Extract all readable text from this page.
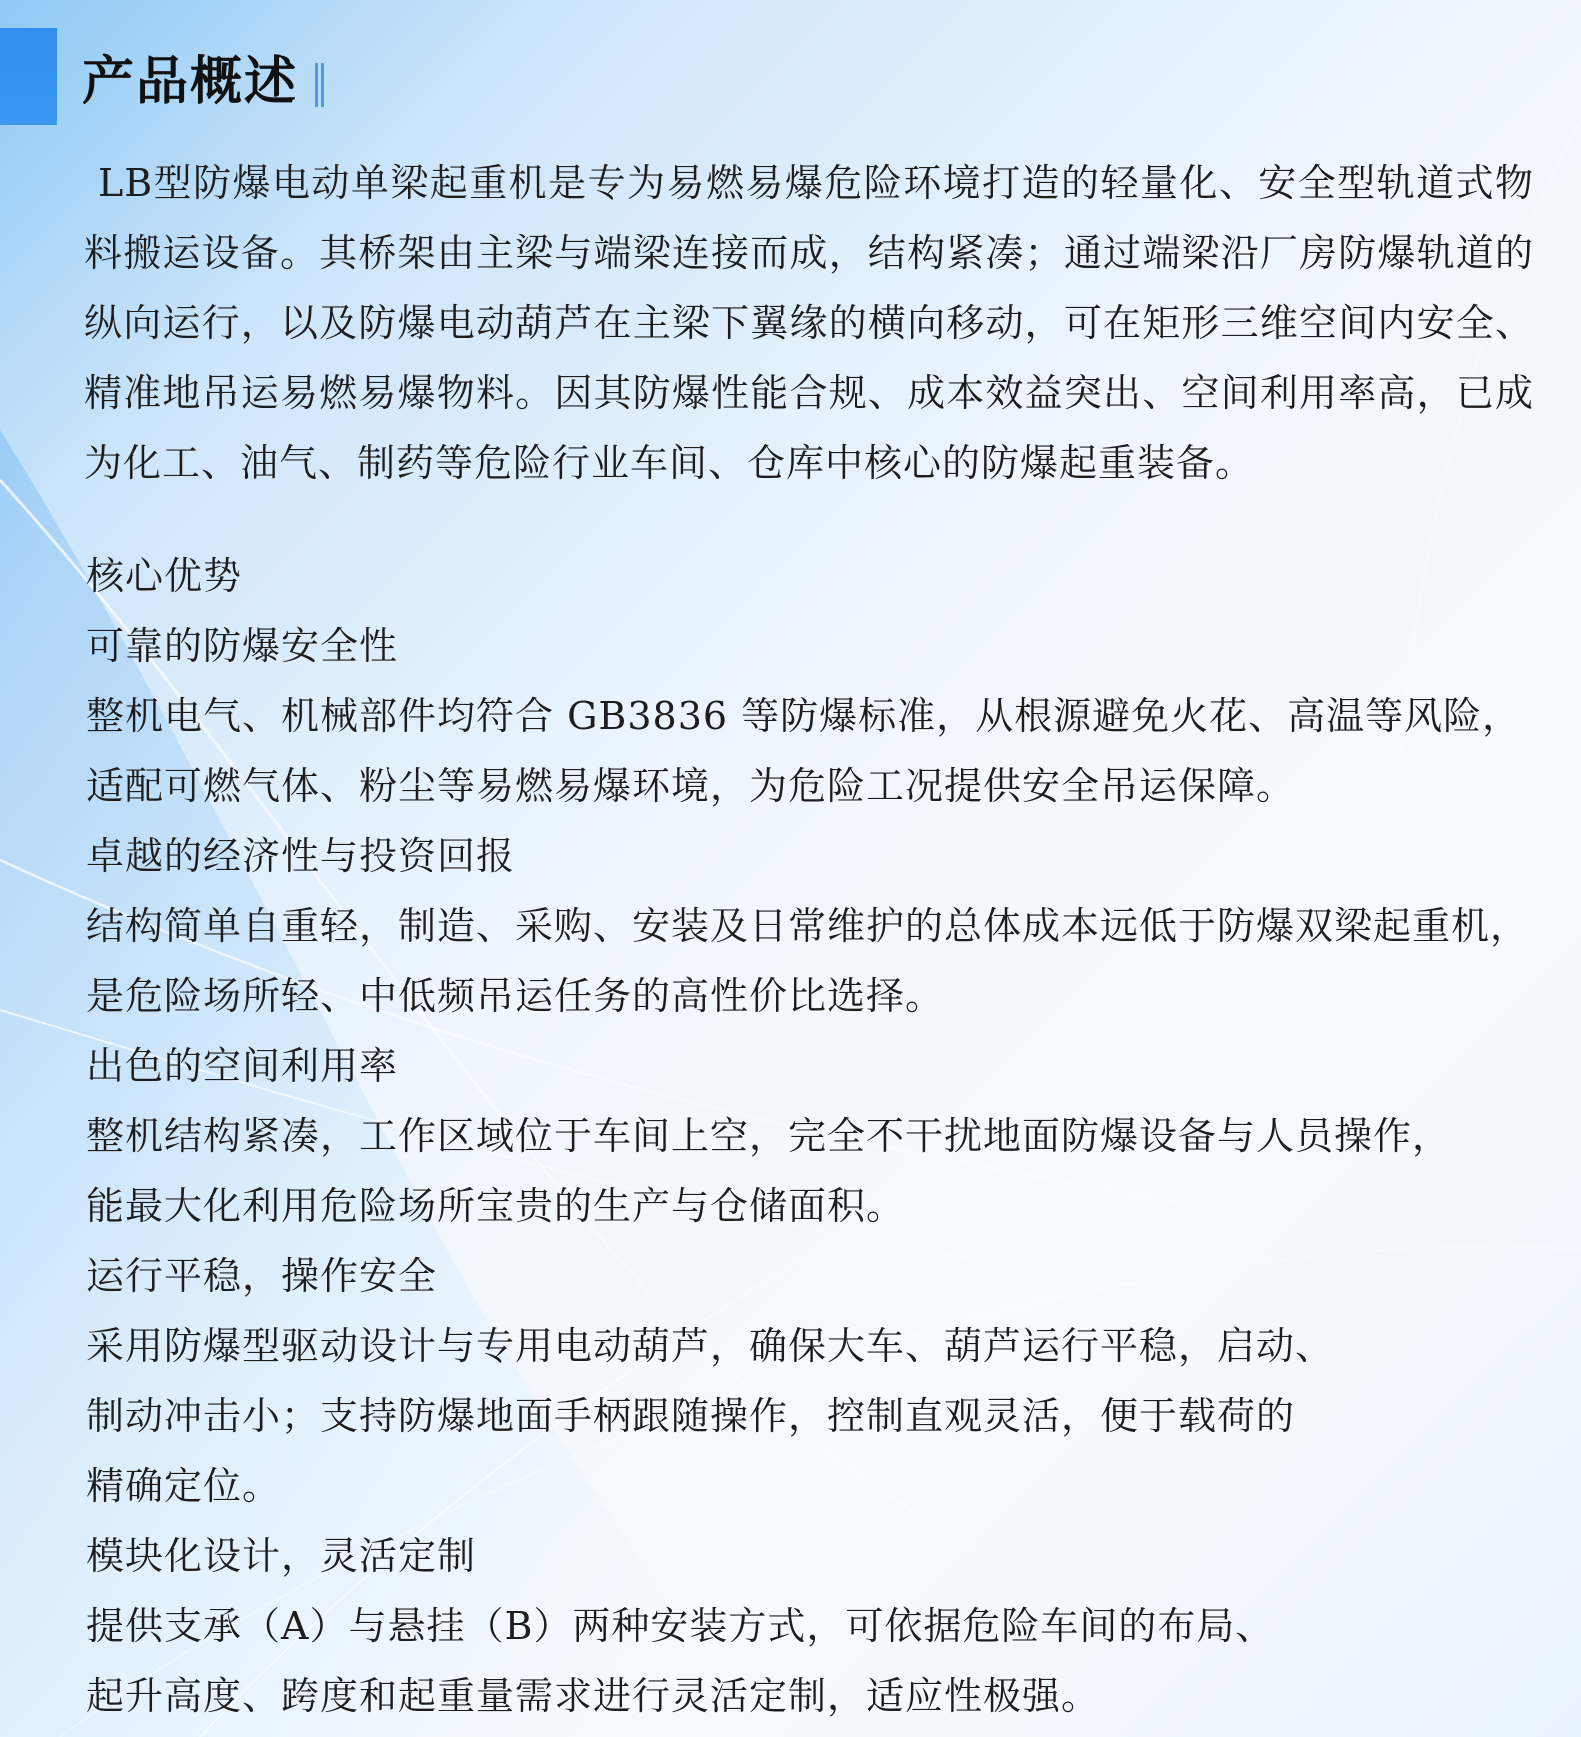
产品概述

LB型防爆电动单梁起重机是专为易燃易爆危险环境打造的轻量化、安全型轨道式物料搬运设备。其桥架由主梁与端梁连接而成，结构紧凑；通过端梁沿厂房防爆轨道的纵向运行，以及防爆电动葫芦在主梁下翼缘的横向移动，可在矩形三维空间内安全、精准地吊运易燃易爆物料。因其防爆性能合规、成本效益突出、空间利用率高，已成为化工、油气、制药等危险行业车间、仓库中核心的防爆起重装备。

核心优势

可靠的防爆安全性

整机电气、机械部件均符合 GB3836 等防爆标准，从根源避免火花、高温等风险，

适配可燃气体、粉尘等易燃易爆环境，为危险工况提供安全吊运保障。

卓越的经济性与投资回报

结构简单自重轻，制造、采购、安装及日常维护的总体成本远低于防爆双梁起重机，

是危险场所轻、中低频吊运任务的高性价比选择。

出色的空间利用率

整机结构紧凑，工作区域位于车间上空，完全不干扰地面防爆设备与人员操作，

能最大化利用危险场所宝贵的生产与仓储面积。

运行平稳，操作安全

采用防爆型驱动设计与专用电动葫芦，确保大车、葫芦运行平稳，启动、

制动冲击小；支持防爆地面手柄跟随操作，控制直观灵活，便于载荷的

精确定位。

模块化设计，灵活定制

提供支承（A）与悬挂（B）两种安装方式，可依据危险车间的布局、

起升高度、跨度和起重量需求进行灵活定制，适应性极强。
